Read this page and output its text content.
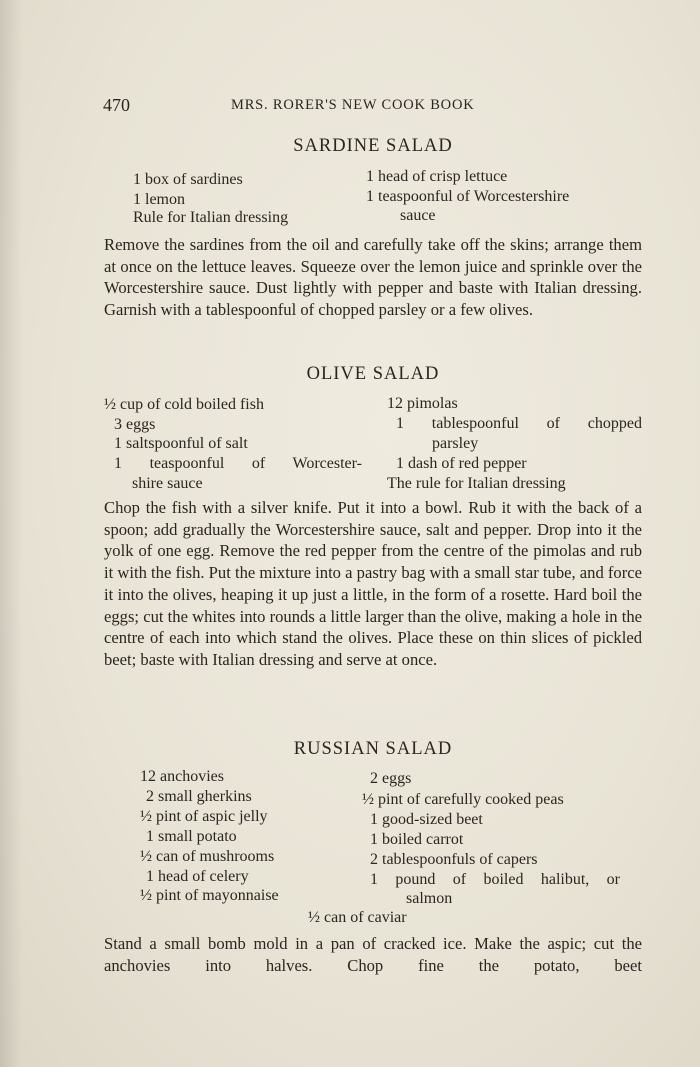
470	MRS. RORER'S NEW COOK BOOK
SARDINE SALAD
1 box of sardines
1 lemon
Rule for Italian dressing
1 head of crisp lettuce
1 teaspoonful of Worcestershire
sauce

Remove the sardines from the oil and carefully take off the skins; arrange them at once on the lettuce leaves. Squeeze over the lemon juice and sprinkle over the Worcestershire sauce. Dust lightly with pepper and baste with Italian dressing. Garnish with a tablespoonful of chopped parsley or a few olives.

OLIVE SALAD
½ cup of cold boiled fish
3 eggs
1 saltspoonful of salt
1 teaspoonful of Worcester-
shire sauce
12 pimolas
1 tablespoonful of chopped
parsley
1 dash of red pepper
The rule for Italian dressing

Chop the fish with a silver knife. Put it into a bowl. Rub it with the back of a spoon; add gradually the Worcestershire sauce, salt and pepper. Drop into it the yolk of one egg. Remove the red pepper from the centre of the pimolas and rub it with the fish. Put the mixture into a pastry bag with a small star tube, and force it into the olives, heaping it up just a little, in the form of a rosette. Hard boil the eggs; cut the whites into rounds a little larger than the olive, making a hole in the centre of each into which stand the olives. Place these on thin slices of pickled beet; baste with Italian dressing and serve at once.

RUSSIAN SALAD
12 anchovies
2 small gherkins
½ pint of aspic jelly
1 small potato
½ can of mushrooms
1 head of celery
½ pint of mayonnaise
2 eggs
½ pint of carefully cooked peas
1 good-sized beet
1 boiled carrot
2 tablespoonfuls of capers
1 pound of boiled halibut, or
salmon
½ can of caviar

Stand a small bomb mold in a pan of cracked ice. Make the aspic; cut the anchovies into halves. Chop fine the potato, beet
